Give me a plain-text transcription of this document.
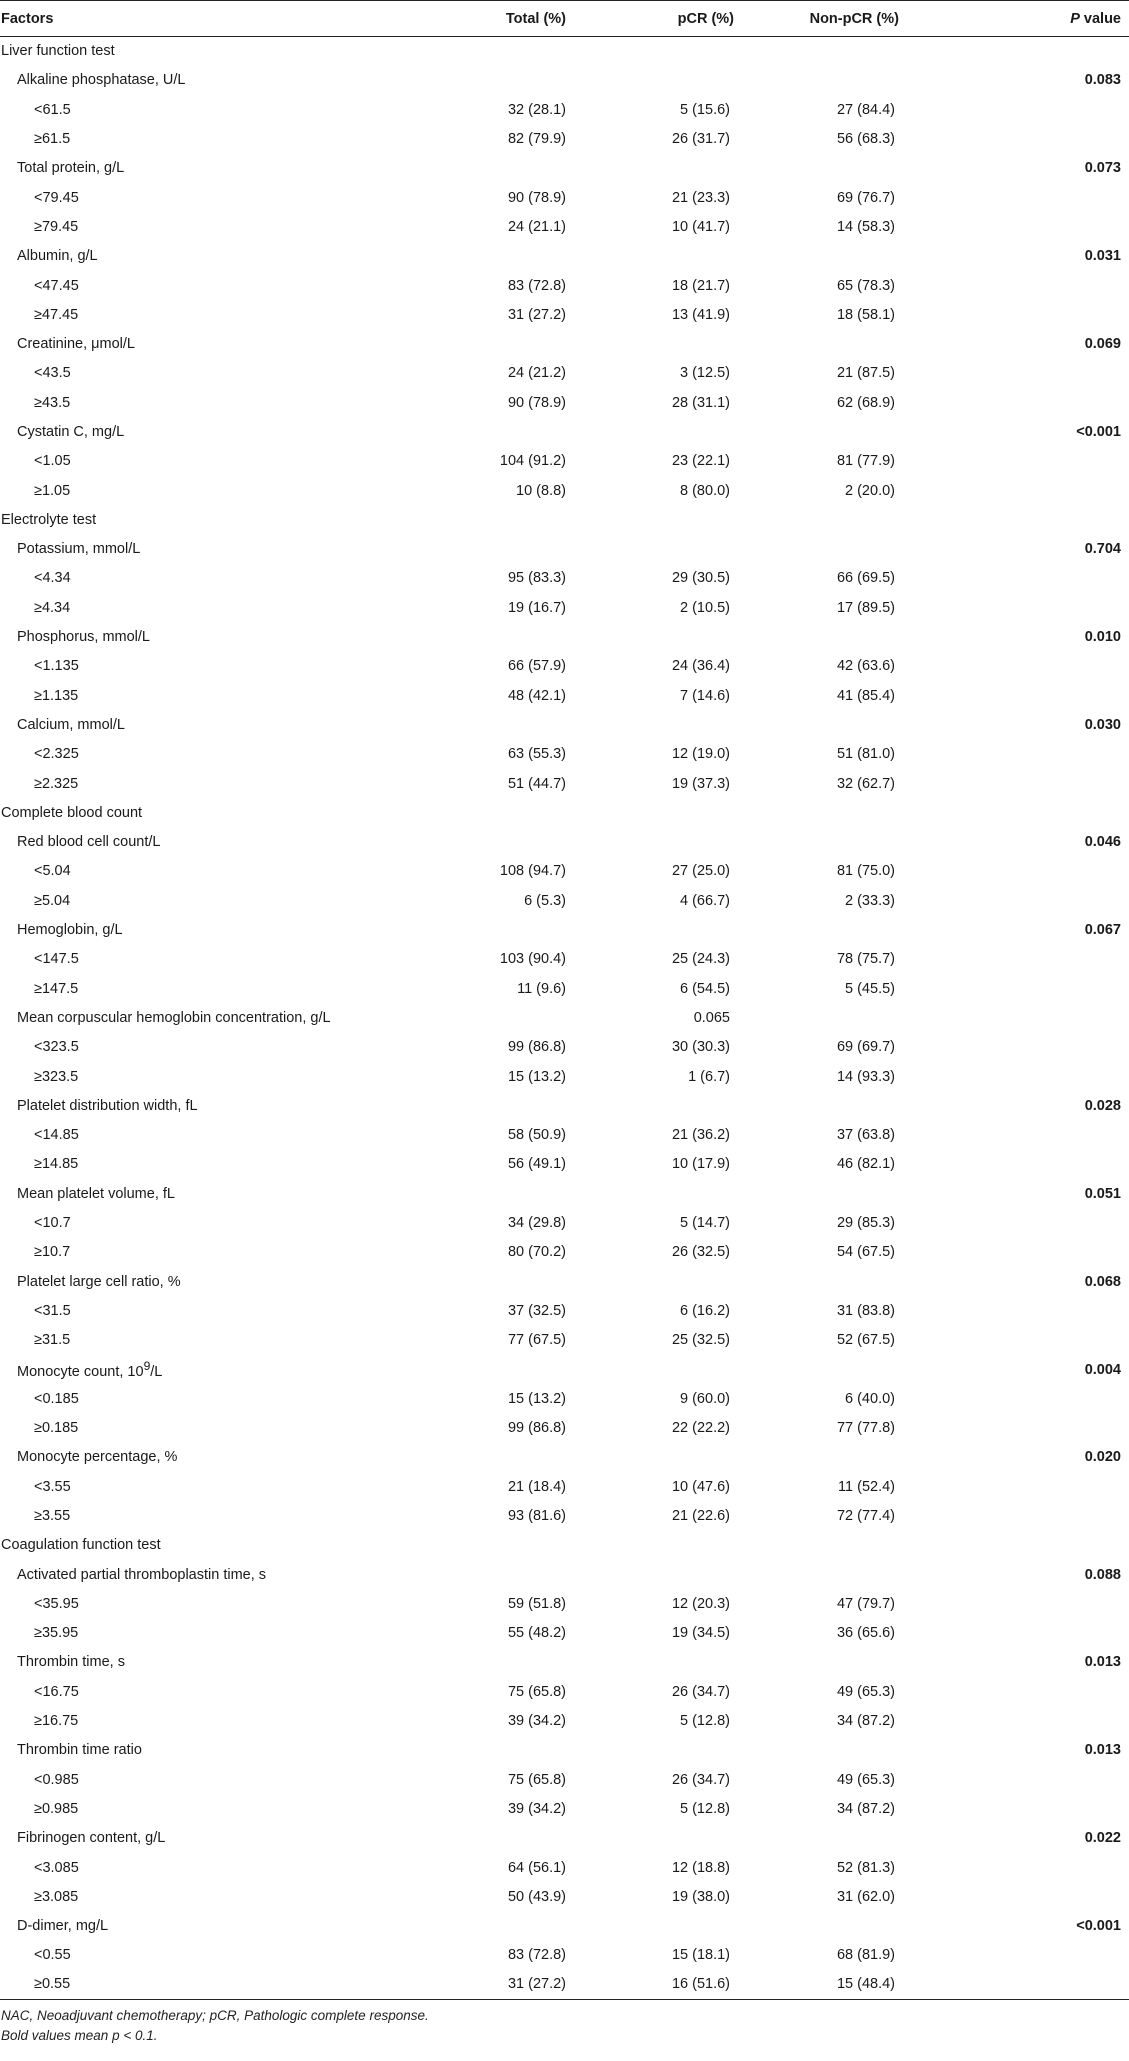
Factors	Total (%)	pCR (%)	Non-pCR (%)	P value
Liver function test				
Alkaline phosphatase, U/L				0.083
<61.5	32 (28.1)	5 (15.6)	27 (84.4)	
≥61.5	82 (79.9)	26 (31.7)	56 (68.3)	
Total protein, g/L				0.073
<79.45	90 (78.9)	21 (23.3)	69 (76.7)	
≥79.45	24 (21.1)	10 (41.7)	14 (58.3)	
Albumin, g/L				0.031
<47.45	83 (72.8)	18 (21.7)	65 (78.3)	
≥47.45	31 (27.2)	13 (41.9)	18 (58.1)	
Creatinine, μmol/L				0.069
<43.5	24 (21.2)	3 (12.5)	21 (87.5)	
≥43.5	90 (78.9)	28 (31.1)	62 (68.9)	
Cystatin C, mg/L				<0.001
<1.05	104 (91.2)	23 (22.1)	81 (77.9)	
≥1.05	10 (8.8)	8 (80.0)	2 (20.0)	
Electrolyte test				
Potassium, mmol/L				0.704
<4.34	95 (83.3)	29 (30.5)	66 (69.5)	
≥4.34	19 (16.7)	2 (10.5)	17 (89.5)	
Phosphorus, mmol/L				0.010
<1.135	66 (57.9)	24 (36.4)	42 (63.6)	
≥1.135	48 (42.1)	7 (14.6)	41 (85.4)	
Calcium, mmol/L				0.030
<2.325	63 (55.3)	12 (19.0)	51 (81.0)	
≥2.325	51 (44.7)	19 (37.3)	32 (62.7)	
Complete blood count				
Red blood cell count/L				0.046
<5.04	108 (94.7)	27 (25.0)	81 (75.0)	
≥5.04	6 (5.3)	4 (66.7)	2 (33.3)	
Hemoglobin, g/L				0.067
<147.5	103 (90.4)	25 (24.3)	78 (75.7)	
≥147.5	11 (9.6)	6 (54.5)	5 (45.5)	
Mean corpuscular hemoglobin concentration, g/L		0.065		
<323.5	99 (86.8)	30 (30.3)	69 (69.7)	
≥323.5	15 (13.2)	1 (6.7)	14 (93.3)	
Platelet distribution width, fL				0.028
<14.85	58 (50.9)	21 (36.2)	37 (63.8)	
≥14.85	56 (49.1)	10 (17.9)	46 (82.1)	
Mean platelet volume, fL				0.051
<10.7	34 (29.8)	5 (14.7)	29 (85.3)	
≥10.7	80 (70.2)	26 (32.5)	54 (67.5)	
Platelet large cell ratio, %				0.068
<31.5	37 (32.5)	6 (16.2)	31 (83.8)	
≥31.5	77 (67.5)	25 (32.5)	52 (67.5)	
Monocyte count, $10^9/L$				0.004
<0.185	15 (13.2)	9 (60.0)	6 (40.0)	
≥0.185	99 (86.8)	22 (22.2)	77 (77.8)	
Monocyte percentage, %				0.020
<3.55	21 (18.4)	10 (47.6)	11 (52.4)	
≥3.55	93 (81.6)	21 (22.6)	72 (77.4)	
Coagulation function test				
Activated partial thromboplastin time, s				0.088
<35.95	59 (51.8)	12 (20.3)	47 (79.7)	
≥35.95	55 (48.2)	19 (34.5)	36 (65.6)	
Thrombin time, s				0.013
<16.75	75 (65.8)	26 (34.7)	49 (65.3)	
≥16.75	39 (34.2)	5 (12.8)	34 (87.2)	
Thrombin time ratio				0.013
<0.985	75 (65.8)	26 (34.7)	49 (65.3)	
≥0.985	39 (34.2)	5 (12.8)	34 (87.2)	
Fibrinogen content, g/L				0.022
<3.085	64 (56.1)	12 (18.8)	52 (81.3)	
≥3.085	50 (43.9)	19 (38.0)	31 (62.0)	
D-dimer, mg/L				<0.001
<0.55	83 (72.8)	15 (18.1)	68 (81.9)	
≥0.55	31 (27.2)	16 (51.6)	15 (48.4)	
NAC, Neoadjuvant chemotherapy; pCR, Pathologic complete response.
Bold values mean p < 0.1.
